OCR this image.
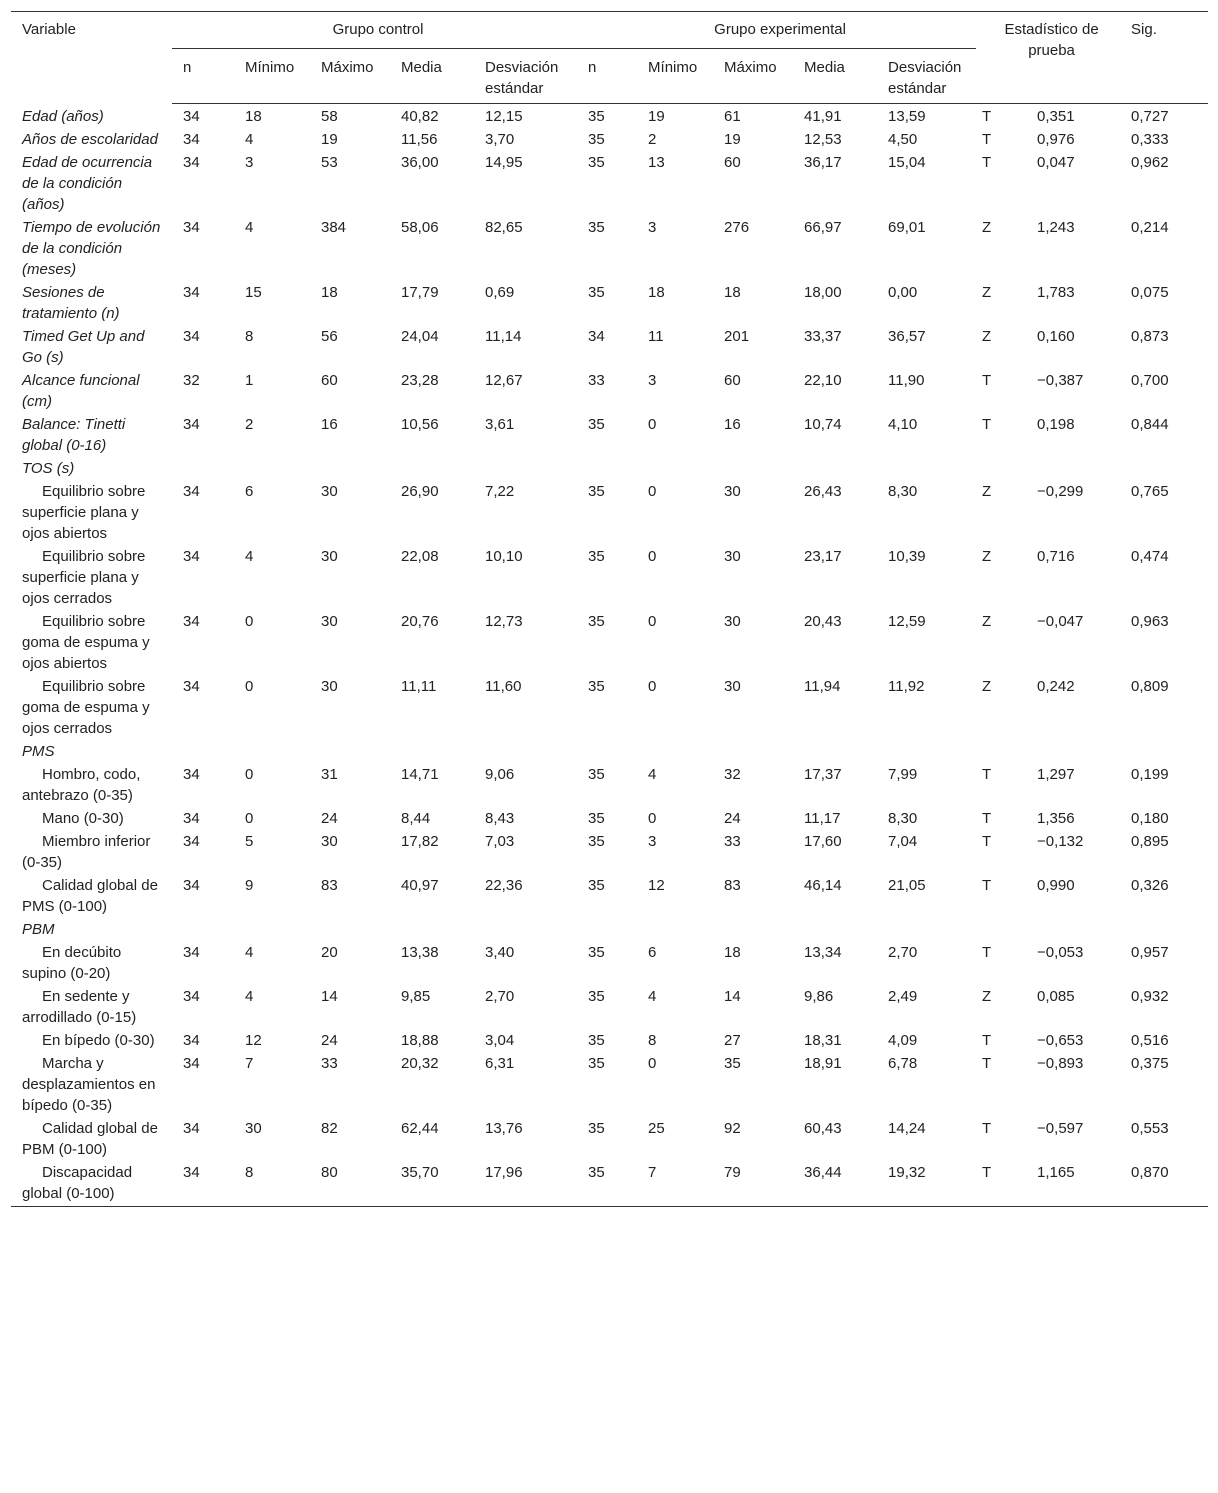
Variable	Grupo control					Grupo experimental					Estadístico de prueba		Sig.
	n	Mínimo	Máximo	Media	Desviación estándar	n	Mínimo	Máximo	Media	Desviación estándar			
Edad (años)	34	18	58	40,82	12,15	35	19	61	41,91	13,59	T	0,351	0,727
Años de escolaridad	34	4	19	11,56	3,70	35	2	19	12,53	4,50	T	0,976	0,333
Edad de ocurrencia de la condición (años)	34	3	53	36,00	14,95	35	13	60	36,17	15,04	T	0,047	0,962
Tiempo de evolución de la condición (meses)	34	4	384	58,06	82,65	35	3	276	66,97	69,01	Z	1,243	0,214
Sesiones de tratamiento (n)	34	15	18	17,79	0,69	35	18	18	18,00	0,00	Z	1,783	0,075
Timed Get Up and Go (s)	34	8	56	24,04	11,14	34	11	201	33,37	36,57	Z	0,160	0,873
Alcance funcional (cm)	32	1	60	23,28	12,67	33	3	60	22,10	11,90	T	−0,387	0,700
Balance: Tinetti global (0-16)	34	2	16	10,56	3,61	35	0	16	10,74	4,10	T	0,198	0,844
TOS (s)													
Equilibrio sobre superficie plana y ojos abiertos	34	6	30	26,90	7,22	35	0	30	26,43	8,30	Z	−0,299	0,765
Equilibrio sobre superficie plana y ojos cerrados	34	4	30	22,08	10,10	35	0	30	23,17	10,39	Z	0,716	0,474
Equilibrio sobre goma de espuma y ojos abiertos	34	0	30	20,76	12,73	35	0	30	20,43	12,59	Z	−0,047	0,963
Equilibrio sobre goma de espuma y ojos cerrados	34	0	30	11,11	11,60	35	0	30	11,94	11,92	Z	0,242	0,809
PMS													
Hombro, codo, antebrazo (0-35)	34	0	31	14,71	9,06	35	4	32	17,37	7,99	T	1,297	0,199
Mano (0-30)	34	0	24	8,44	8,43	35	0	24	11,17	8,30	T	1,356	0,180
Miembro inferior (0-35)	34	5	30	17,82	7,03	35	3	33	17,60	7,04	T	−0,132	0,895
Calidad global de PMS (0-100)	34	9	83	40,97	22,36	35	12	83	46,14	21,05	T	0,990	0,326
PBM													
En decúbito supino (0-20)	34	4	20	13,38	3,40	35	6	18	13,34	2,70	T	−0,053	0,957
En sedente y arrodillado (0-15)	34	4	14	9,85	2,70	35	4	14	9,86	2,49	Z	0,085	0,932
En bípedo (0-30)	34	12	24	18,88	3,04	35	8	27	18,31	4,09	T	−0,653	0,516
Marcha y desplazamientos en bípedo (0-35)	34	7	33	20,32	6,31	35	0	35	18,91	6,78	T	−0,893	0,375
Calidad global de PBM (0-100)	34	30	82	62,44	13,76	35	25	92	60,43	14,24	T	−0,597	0,553
Discapacidad global (0-100)	34	8	80	35,70	17,96	35	7	79	36,44	19,32	T	1,165	0,870
